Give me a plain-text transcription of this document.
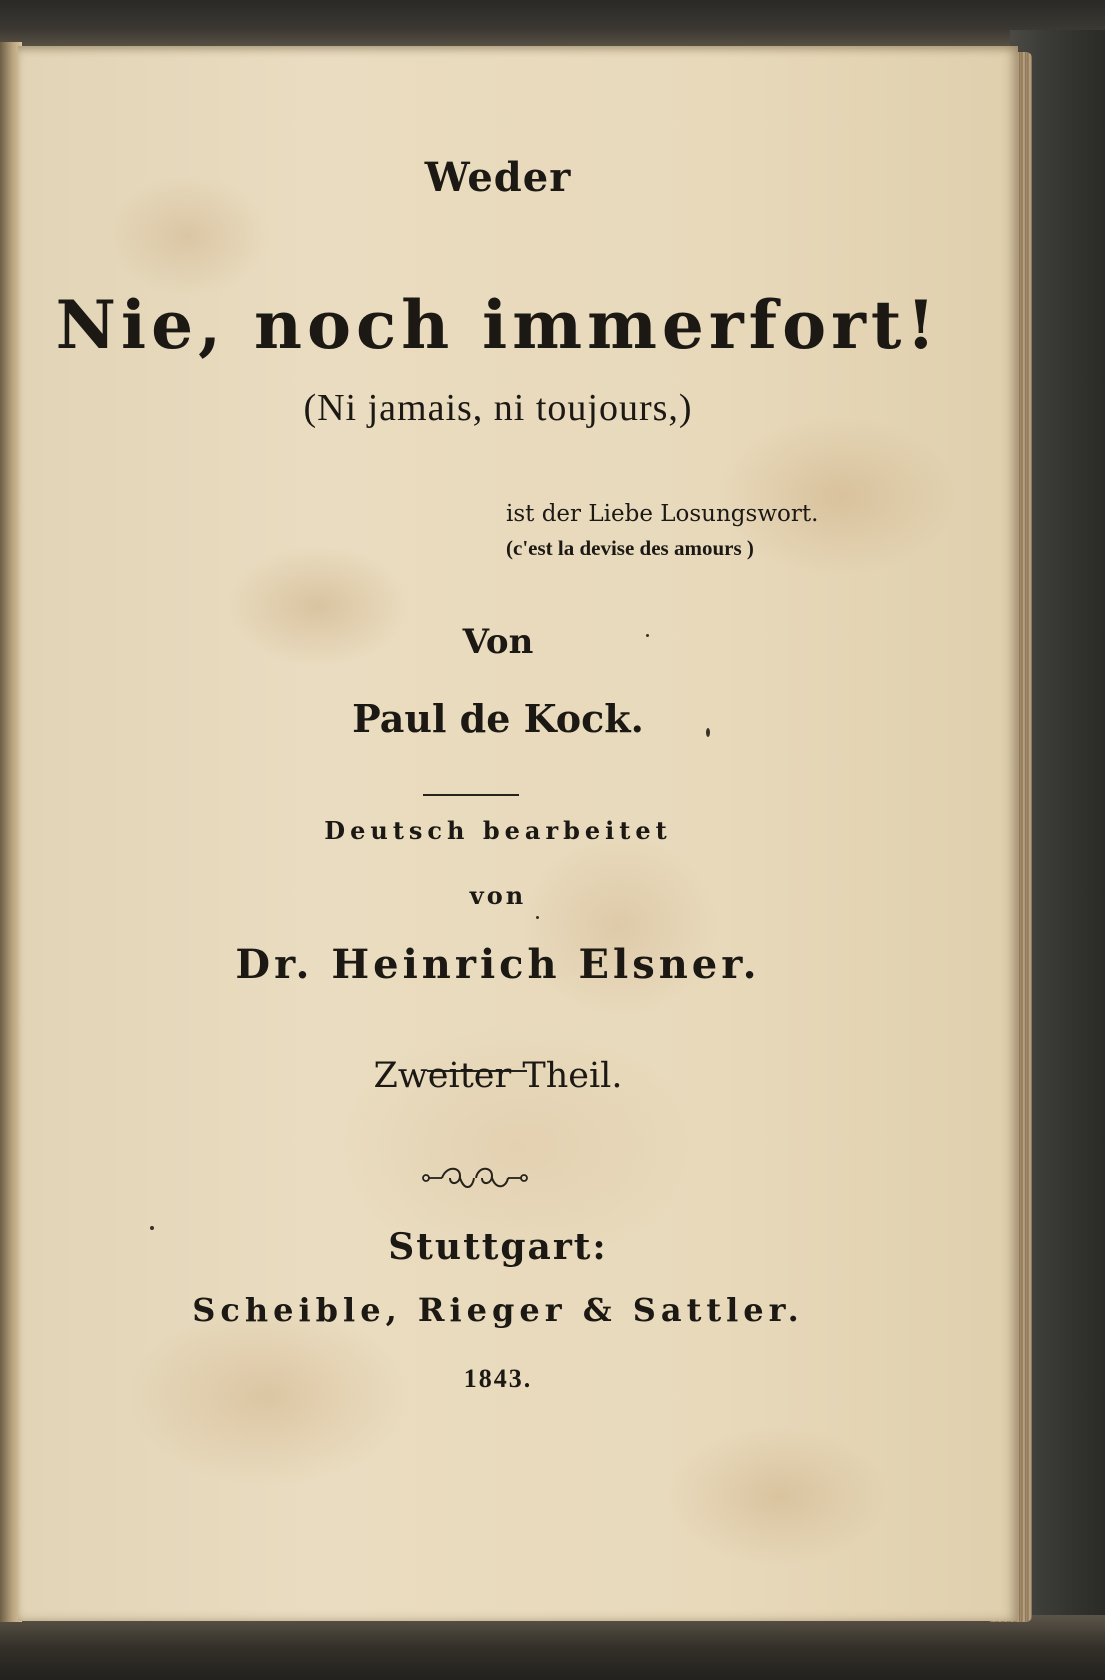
Weder
Nie, noch immerfort!
(Ni jamais, ni toujours,)
ist der Liebe Losungswort.
(c'est la devise des amours )
Von
Paul de Kock.
Deutsch bearbeitet
von
Dr. Heinrich Elsner.
Zweiter Theil.
Stuttgart:
Scheible, Rieger & Sattler.
1843.
